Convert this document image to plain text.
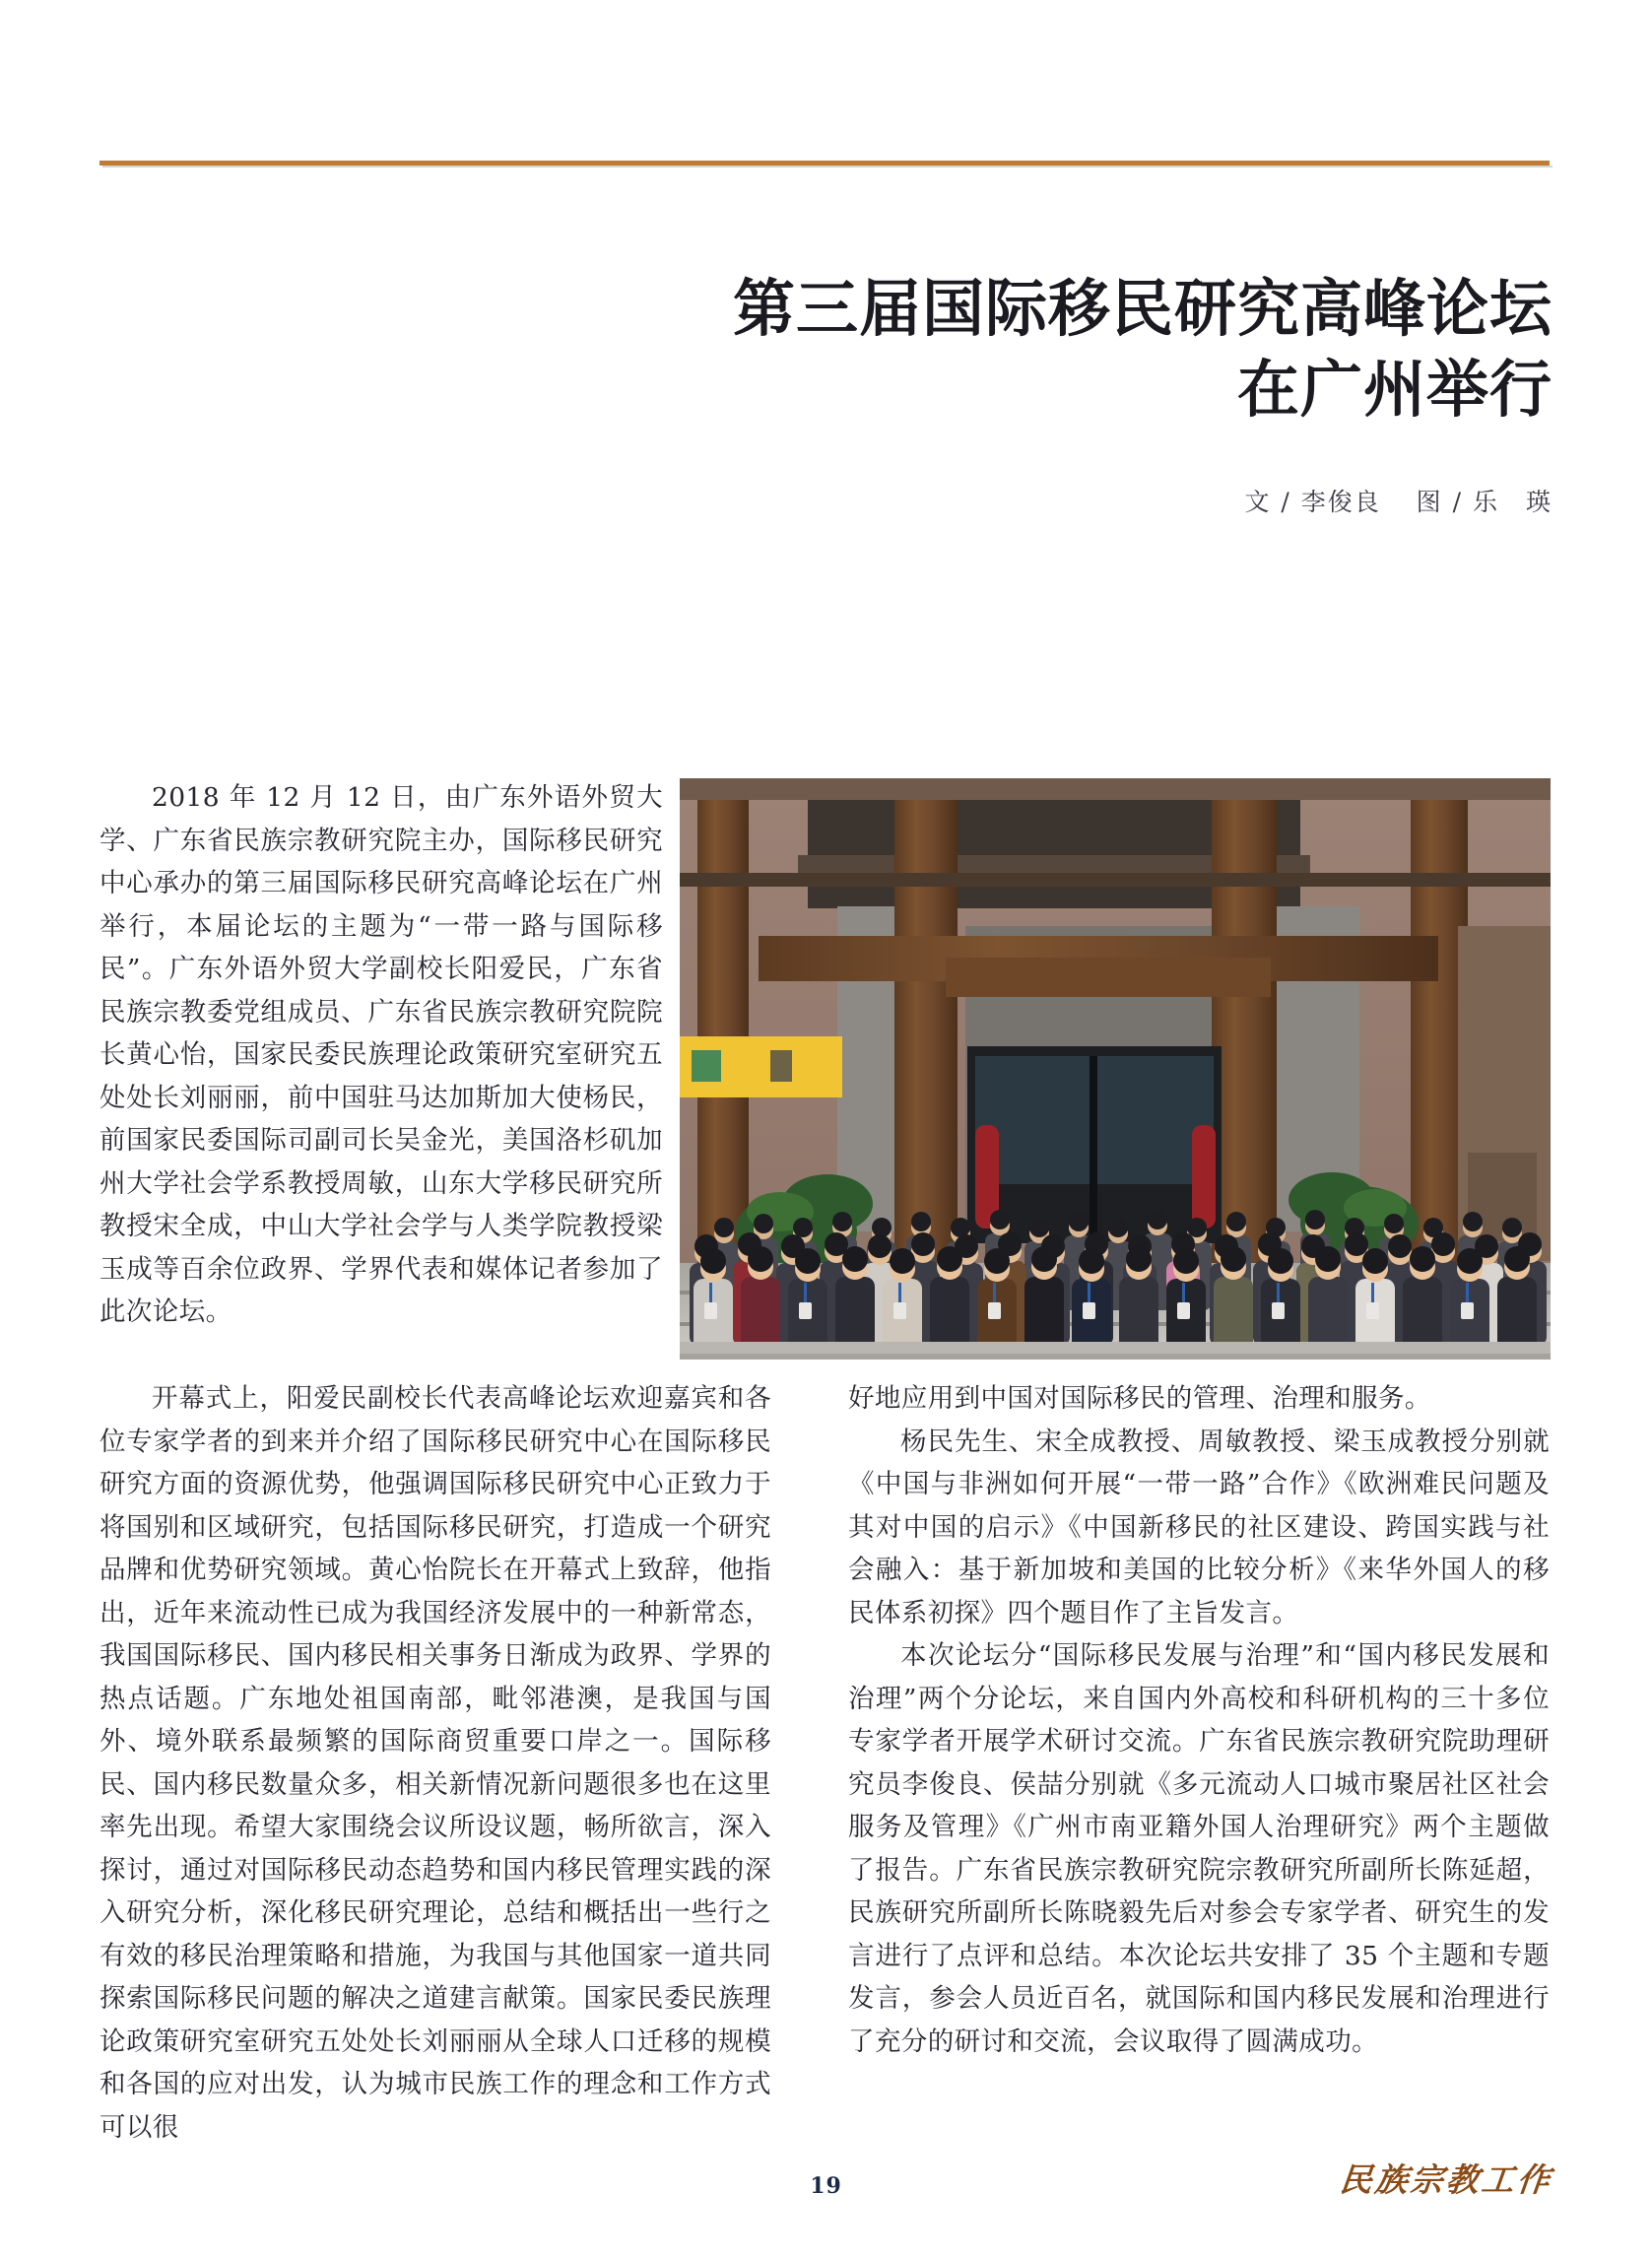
第三届国际移民研究高峰论坛
在广州举行
文 / 李俊良 图 / 乐　瑛

2018 年 12 月 12 日，由广东外语外贸大学、广东省民族宗教研究院主办，国际移民研究中心承办的第三届国际移民研究高峰论坛在广州举行，本届论坛的主题为“一带一路与国际移民”。广东外语外贸大学副校长阳爱民，广东省民族宗教委党组成员、广东省民族宗教研究院院长黄心怡，国家民委民族理论政策研究室研究五处处长刘丽丽，前中国驻马达加斯加大使杨民，前国家民委国际司副司长吴金光，美国洛杉矶加州大学社会学系教授周敏，山东大学移民研究所教授宋全成，中山大学社会学与人类学院教授梁玉成等百余位政界、学界代表和媒体记者参加了此次论坛。

开幕式上，阳爱民副校长代表高峰论坛欢迎嘉宾和各位专家学者的到来并介绍了国际移民研究中心在国际移民研究方面的资源优势，他强调国际移民研究中心正致力于将国别和区域研究，包括国际移民研究，打造成一个研究品牌和优势研究领域。黄心怡院长在开幕式上致辞，他指出，近年来流动性已成为我国经济发展中的一种新常态，我国国际移民、国内移民相关事务日渐成为政界、学界的热点话题。广东地处祖国南部，毗邻港澳，是我国与国外、境外联系最频繁的国际商贸重要口岸之一。国际移民、国内移民数量众多，相关新情况新问题很多也在这里率先出现。希望大家围绕会议所设议题，畅所欲言，深入探讨，通过对国际移民动态趋势和国内移民管理实践的深入研究分析，深化移民研究理论，总结和概括出一些行之有效的移民治理策略和措施，为我国与其他国家一道共同探索国际移民问题的解决之道建言献策。国家民委民族理论政策研究室研究五处处长刘丽丽从全球人口迁移的规模和各国的应对出发，认为城市民族工作的理念和工作方式可以很

好地应用到中国对国际移民的管理、治理和服务。

杨民先生、宋全成教授、周敏教授、梁玉成教授分别就《中国与非洲如何开展“一带一路”合作》《欧洲难民问题及其对中国的启示》《中国新移民的社区建设、跨国实践与社会融入：基于新加坡和美国的比较分析》《来华外国人的移民体系初探》四个题目作了主旨发言。

本次论坛分“国际移民发展与治理”和“国内移民发展和治理”两个分论坛，来自国内外高校和科研机构的三十多位专家学者开展学术研讨交流。广东省民族宗教研究院助理研究员李俊良、侯喆分别就《多元流动人口城市聚居社区社会服务及管理》《广州市南亚籍外国人治理研究》两个主题做了报告。广东省民族宗教研究院宗教研究所副所长陈延超，民族研究所副所长陈晓毅先后对参会专家学者、研究生的发言进行了点评和总结。本次论坛共安排了 35 个主题和专题发言，参会人员近百名，就国际和国内移民发展和治理进行了充分的研讨和交流，会议取得了圆满成功。

19	民族宗教工作
